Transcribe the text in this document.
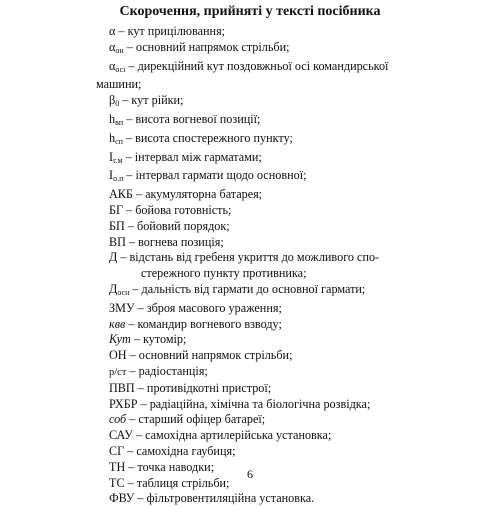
Скорочення, прийняті у тексті посібника
α – кут прицілювання;
$\alpha_{он}$ – основний напрямок стрільби;
$\alpha_{осі}$ – дирекційний кут поздовжньої осі командирської
машини;
$\beta_0$ – кут рійки;
$h_{вп}$ – висота вогневої позиції;
$h_{сп}$ – висота спостережного пункту;
$I_{г.м}$ – інтервал між гарматами;
$I_{о.п}$ – інтервал гармати щодо основної;
АКБ – акумуляторна батарея;
БГ – бойова готовність;
БП – бойовий порядок;
ВП – вогнева позиція;
Д – відстань від гребеня укриття до можливого спо-
стережного пункту противника;
$Д_{осн}$ – дальність від гармати до основної гармати;
ЗМУ – зброя масового ураження;
квв – командир вогневого взводу;
Кут – кутомір;
ОН – основний напрямок стрільби;
р/ст – радіостанція;
ПВП – противідкотні пристрої;
РХБР – радіаційна, хімічна та біологічна розвідка;
соб – старший офіцер батареї;
САУ – самохідна артилерійська установка;
СГ – самохідна гаубиця;
ТН – точка наводки;
ТС – таблиця стрільби;
ФВУ – фільтровентиляційна установка.
6
